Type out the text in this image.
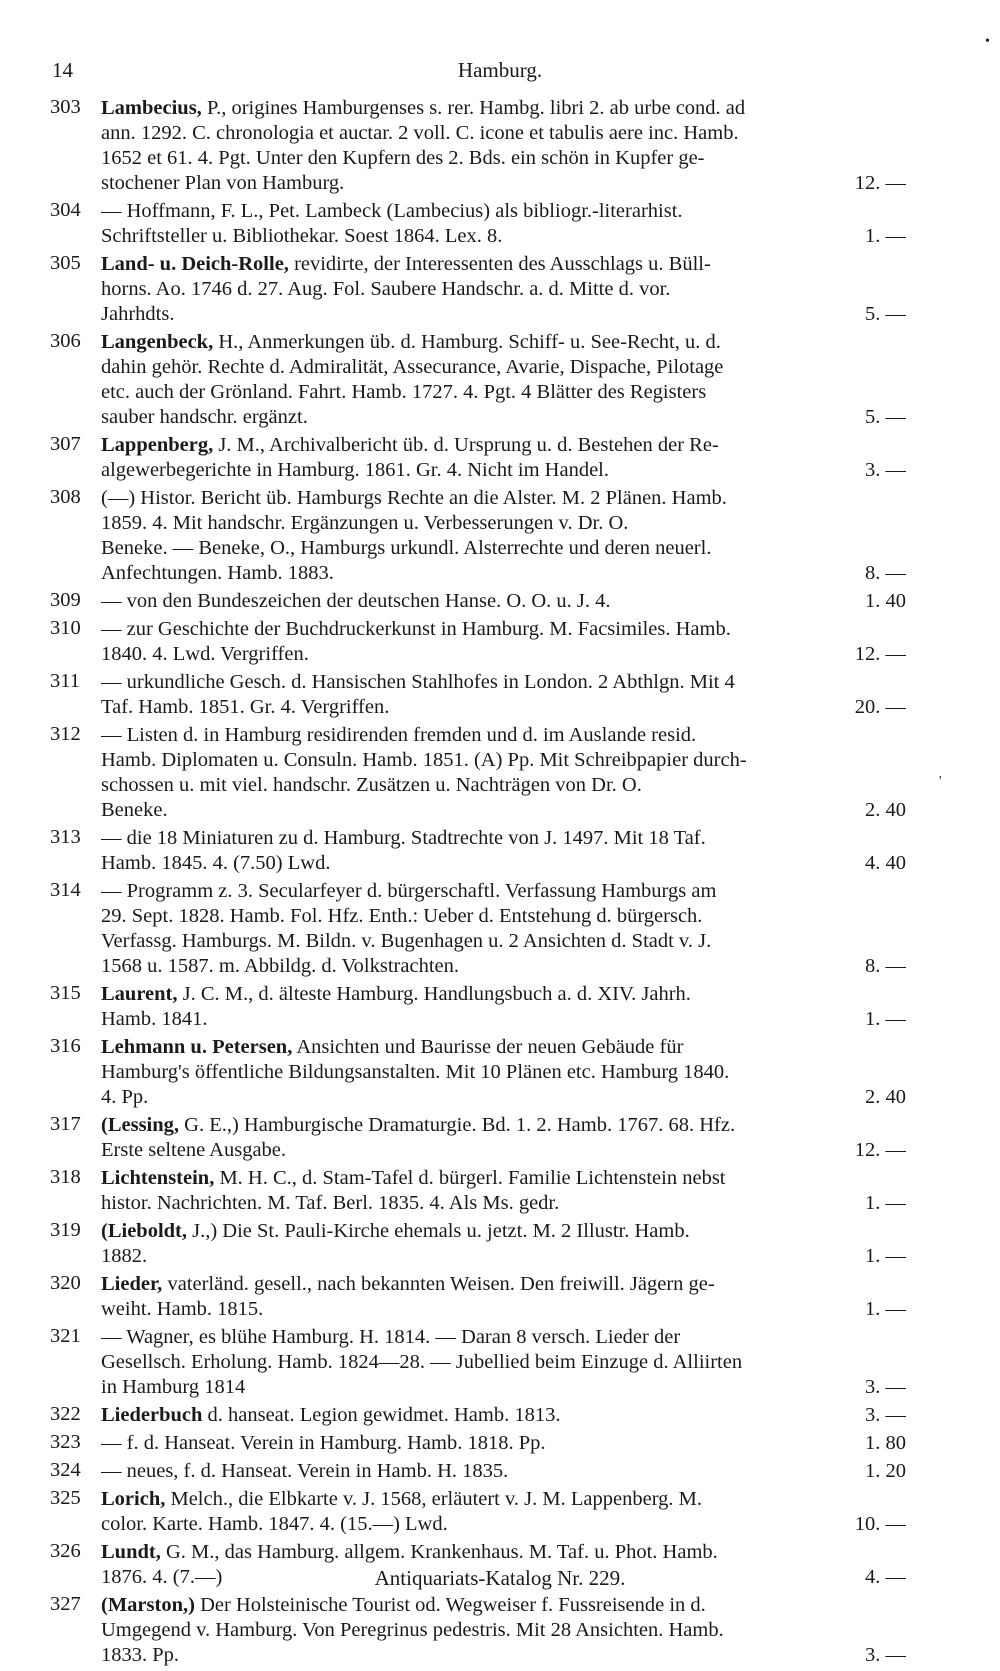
14	Hamburg.
•
'
303 Lambecius, P., origines Hamburgenses s. rer. Hambg. libri 2. ab urbe cond. ad
ann. 1292. C. chronologia et auctar. 2 voll. C. icone et tabulis aere inc. Hamb.
1652 et 61. 4. Pgt. Unter den Kupfern des 2. Bds. ein schön in Kupfer ge-
stochener Plan von Hamburg.	12. —
304 — Hoffmann, F. L., Pet. Lambeck (Lambecius) als bibliogr.-literarhist.
Schriftsteller u. Bibliothekar. Soest 1864. Lex. 8.	1. —
305 Land- u. Deich-Rolle, revidirte, der Interessenten des Ausschlags u. Büll-
horns. Ao. 1746 d. 27. Aug. Fol. Saubere Handschr. a. d. Mitte d. vor.
Jahrhdts.	5. —
306 Langenbeck, H., Anmerkungen üb. d. Hamburg. Schiff- u. See-Recht, u. d.
dahin gehör. Rechte d. Admiralität, Assecurance, Avarie, Dispache, Pilotage
etc. auch der Grönland. Fahrt. Hamb. 1727. 4. Pgt. 4 Blätter des Registers
sauber handschr. ergänzt.	5. —
307 Lappenberg, J. M., Archivalbericht üb. d. Ursprung u. d. Bestehen der Re-
algewerbegerichte in Hamburg. 1861. Gr. 4. Nicht im Handel.	3. —
308 (—) Histor. Bericht üb. Hamburgs Rechte an die Alster. M. 2 Plänen. Hamb.
1859. 4. Mit handschr. Ergänzungen u. Verbesserungen v. Dr. O.
Beneke. — Beneke, O., Hamburgs urkundl. Alsterrechte und deren neuerl.
Anfechtungen. Hamb. 1883.	8. —
309 — von den Bundeszeichen der deutschen Hanse. O. O. u. J. 4.	1. 40
310 — zur Geschichte der Buchdruckerkunst in Hamburg. M. Facsimiles. Hamb.
1840. 4. Lwd. Vergriffen.	12. —
311	— urkundliche Gesch. d. Hansischen Stahlhofes in London. 2 Abthlgn. Mit 4
Taf. Hamb. 1851. Gr. 4. Vergriffen.	20. —
312 — Listen d. in Hamburg residirenden fremden und d. im Auslande resid.
Hamb. Diplomaten u. Consuln. Hamb. 1851. (A) Pp. Mit Schreibpapier durch-
schossen u. mit viel. handschr. Zusätzen u. Nachträgen von Dr. O.
Beneke.	2. 40
313 — die 18 Miniaturen zu d. Hamburg. Stadtrechte von J. 1497. Mit 18 Taf.
Hamb. 1845. 4. (7.50) Lwd.	4. 40
314 — Programm z. 3. Secularfeyer d. bürgerschaftl. Verfassung Hamburgs am
29. Sept. 1828. Hamb. Fol. Hfz. Enth.: Ueber d. Entstehung d. bürgersch.
Verfassg. Hamburgs. M. Bildn. v. Bugenhagen u. 2 Ansichten d. Stadt v. J.
1568 u. 1587. m. Abbildg. d. Volkstrachten.	8. —
315 Laurent, J. C. M., d. älteste Hamburg. Handlungsbuch a. d. XIV. Jahrh.
Hamb. 1841.	1. —
316 Lehmann u. Petersen, Ansichten und Baurisse der neuen Gebäude für
Hamburg's öffentliche Bildungsanstalten. Mit 10 Plänen etc. Hamburg 1840.
4. Pp.	2. 40
317 (Lessing, G. E.,) Hamburgische Dramaturgie. Bd. 1. 2. Hamb. 1767. 68. Hfz.
Erste seltene Ausgabe.	12. —
318 Lichtenstein, M. H. C., d. Stam-Tafel d. bürgerl. Familie Lichtenstein nebst
histor. Nachrichten. M. Taf. Berl. 1835. 4. Als Ms. gedr.	1. —
319 (Lieboldt, J.,) Die St. Pauli-Kirche ehemals u. jetzt. M. 2 Illustr. Hamb.
1882.	1. —
320 Lieder, vaterländ. gesell., nach bekannten Weisen. Den freiwill. Jägern ge-
weiht. Hamb. 1815.	1. —
321 — Wagner, es blühe Hamburg. H. 1814. — Daran 8 versch. Lieder der
Gesellsch. Erholung. Hamb. 1824—28. — Jubellied beim Einzuge d. Alliirten
in Hamburg 1814	3. —
322 Liederbuch d. hanseat. Legion gewidmet. Hamb. 1813.	3. —
323 — f. d. Hanseat. Verein in Hamburg. Hamb. 1818. Pp.	1. 80
324 — neues, f. d. Hanseat. Verein in Hamb. H. 1835.	1. 20
325 Lorich, Melch., die Elbkarte v. J. 1568, erläutert v. J. M. Lappenberg. M.
color. Karte. Hamb. 1847. 4. (15.—) Lwd.	10. —
326 Lundt, G. M., das Hamburg. allgem. Krankenhaus. M. Taf. u. Phot. Hamb.
1876. 4. (7.—)	4. —
327 (Marston,) Der Holsteinische Tourist od. Wegweiser f. Fussreisende in d.
Umgegend v. Hamburg. Von Peregrinus pedestris. Mit 28 Ansichten. Hamb.
1833. Pp.	3. —
Antiquariats-Katalog Nr. 229.
